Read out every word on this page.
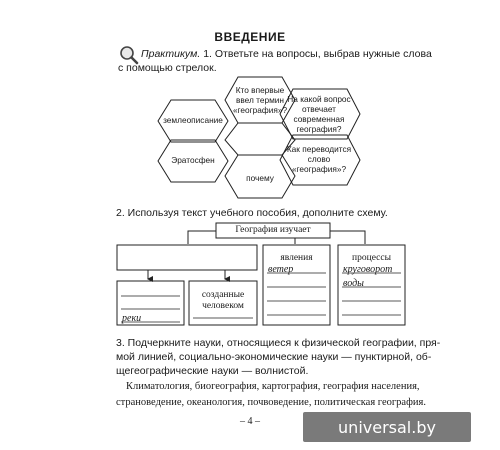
ВВЕДЕНИЕ
Практикум. 1. Ответьте на вопросы, выбрав нужные слова
с помощью стрелок.
Кто впервые ввел термин «география»?
землеописание
На какой вопрос отвечает современная география?
Эратосфен
Как переводится слово «география»?
почему
2. Используя текст учебного пособия, дополните схему.
География изучает
явления	процессы
созданные человеком
реки
ветер	круговорот
воды
3. Подчеркните науки, относящиеся к физической географии, пря-
мой линией, социально-экономические науки — пунктирной, об-
щегеографические науки — волнистой.
Климатология, биогеография, картография, география населения,
страноведение, океанология, почвоведение, политическая география.
– 4 –	universal.by
